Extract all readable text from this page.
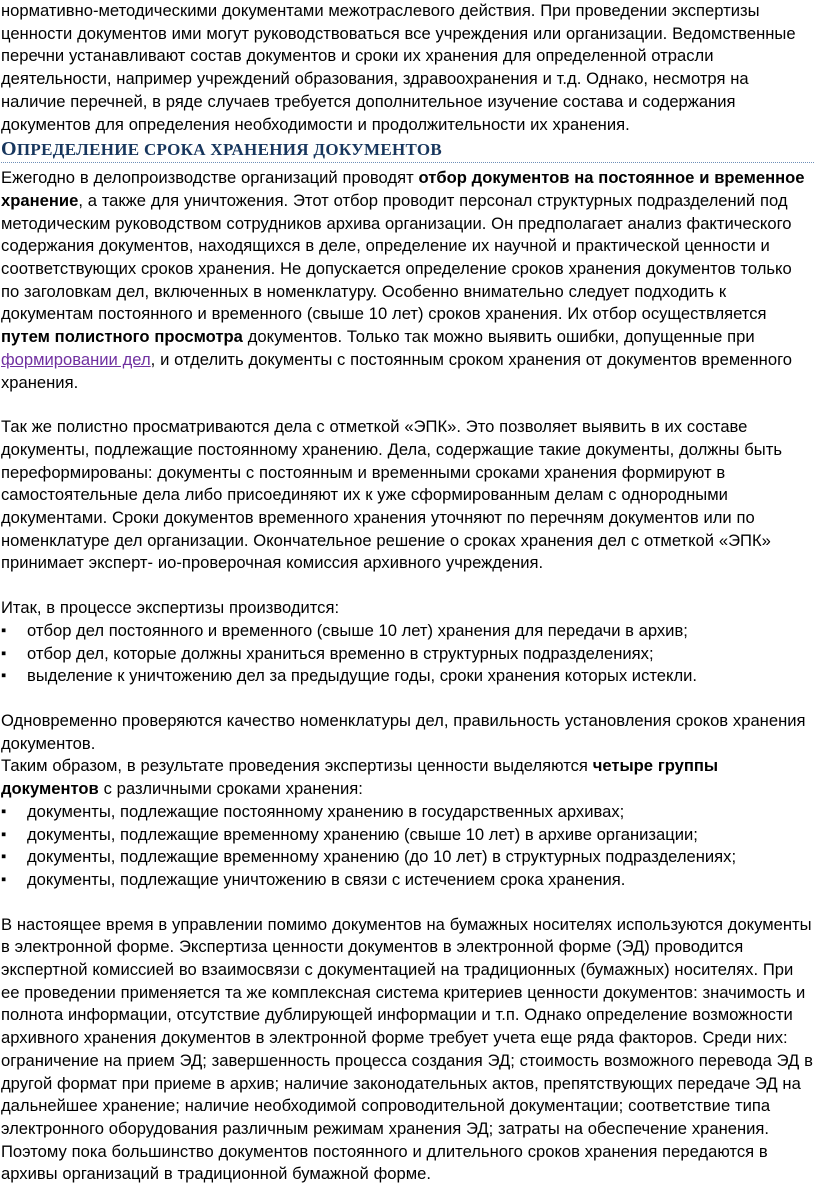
нормативно-методическими документами межотраслевого действия. При проведении экспертизы ценности документов ими могут руководствоваться все учреждения или организации. Ведомственные перечни устанавливают состав документов и сроки их хранения для определенной отрасли деятельности, например учреждений образования, здравоохранения и т.д. Однако, несмотря на наличие перечней, в ряде случаев требуется дополнительное изучение состава и содержания документов для определения необходимости и продолжительности их хранения.

ОПРЕДЕЛЕНИЕ СРОКА ХРАНЕНИЯ ДОКУМЕНТОВ

Ежегодно в делопроизводстве организаций проводят отбор документов на постоянное и временное хранение, а также для уничтожения. Этот отбор проводит персонал структурных подразделений под методическим руководством сотрудников архива организации. Он предполагает анализ фактического содержания документов, находящихся в деле, определение их научной и практической ценности и соответствующих сроков хранения. Не допускается определение сроков хранения документов только по заголовкам дел, включенных в номенклатуру. Особенно внимательно следует подходить к документам постоянного и временного (свыше 10 лет) сроков хранения. Их отбор осуществляется путем полистного просмотра документов. Только так можно выявить ошибки, допущенные при формировании дел, и отделить документы с постоянным сроком хранения от документов временного хранения.

Так же полистно просматриваются дела с отметкой «ЭПК». Это позволяет выявить в их составе документы, подлежащие постоянному хранению. Дела, содержащие такие документы, должны быть переформированы: документы с постоянным и временными сроками хранения формируют в самостоятельные дела либо присоединяют их к уже сформированным делам с однородными документами. Сроки документов временного хранения уточняют по перечням документов или по номенклатуре дел организации. Окончательное решение о сроках хранения дел с отметкой «ЭПК» принимает эксперт- ио-проверочная комиссия архивного учреждения.

Итак, в процессе экспертизы производится:

▪ отбор дел постоянного и временного (свыше 10 лет) хранения для передачи в архив;
▪ отбор дел, которые должны храниться временно в структурных подразделениях;
▪ выделение к уничтожению дел за предыдущие годы, сроки хранения которых истекли.

Одновременно проверяются качество номенклатуры дел, правильность установления сроков хранения документов.

Таким образом, в результате проведения экспертизы ценности выделяются четыре группы документов с различными сроками хранения:

▪ документы, подлежащие постоянному хранению в государственных архивах;
▪ документы, подлежащие временному хранению (свыше 10 лет) в архиве организации;
▪ документы, подлежащие временному хранению (до 10 лет) в структурных подразделениях;
▪ документы, подлежащие уничтожению в связи с истечением срока хранения.

В настоящее время в управлении помимо документов на бумажных носителях используются документы в электронной форме. Экспертиза ценности документов в электронной форме (ЭД) проводится экспертной комиссией во взаимосвязи с документацией на традиционных (бумажных) носителях. При ее проведении применяется та же комплексная система критериев ценности документов: значимость и полнота информации, отсутствие дублирующей информации и т.п. Однако определение возможности архивного хранения документов в электронной форме требует учета еще ряда факторов. Среди них: ограничение на прием ЭД; завершенность процесса создания ЭД; стоимость возможного перевода ЭД в другой формат при приеме в архив; наличие законодательных актов, препятствующих передаче ЭД на дальнейшее хранение; наличие необходимой сопроводительной документации; соответствие типа электронного оборудования различным режимам хранения ЭД; затраты на обеспечение хранения. Поэтому пока большинство документов постоянного и длительного сроков хранения передаются в архивы организаций в традиционной бумажной форме.
